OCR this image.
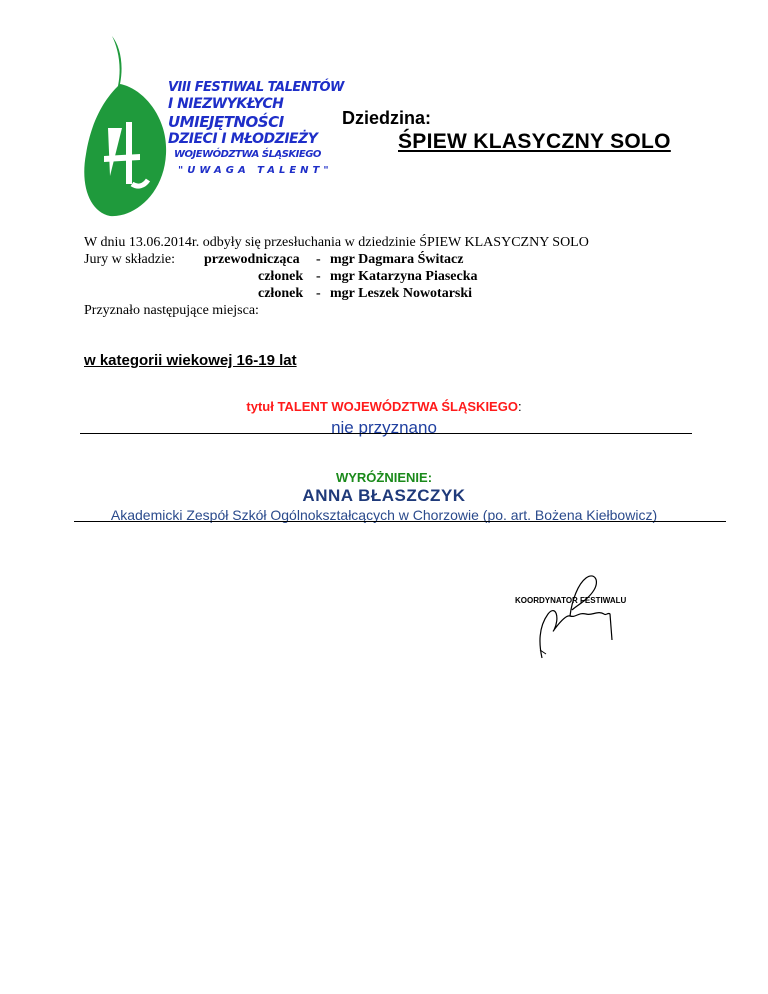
VIII FESTIWAL TALENTÓW
I NIEZWYKŁYCH
UMIEJĘTNOŚCI
DZIECI I MŁODZIEŻY
WOJEWÓDZTWA ŚLĄSKIEGO
"UWAGA TALENT"
Dziedzina:
ŚPIEW KLASYCZNY SOLO
W dniu 13.06.2014r. odbyły się przesłuchania w dziedzinie ŚPIEW KLASYCZNY SOLO
Jury w składzie: przewodnicząca - mgr Dagmara Świtacz
członek - mgr Katarzyna Piasecka
członek - mgr Leszek Nowotarski
Przyznało następujące miejsca:
w kategorii wiekowej 16-19 lat
tytuł TALENT WOJEWÓDZTWA ŚLĄSKIEGO:
nie przyznano
WYRÓŻNIENIE:
ANNA BŁASZCZYK
Akademicki Zespół Szkół Ogólnokształcących w Chorzowie (po. art. Bożena Kiełbowicz)
KOORDYNATOR FESTIWALU
